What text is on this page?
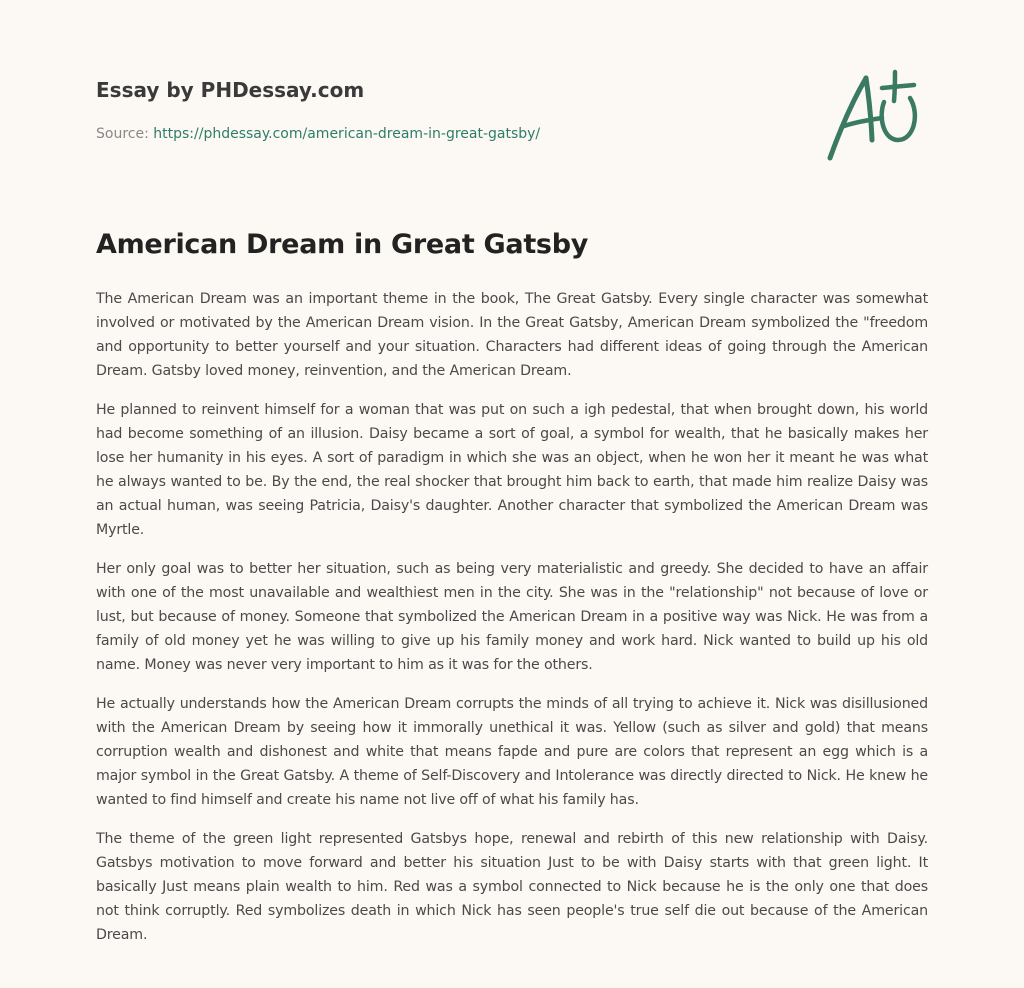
Essay by PHDessay.com
Source: https://phdessay.com/american-dream-in-great-gatsby/
American Dream in Great Gatsby

The American Dream was an important theme in the book, The Great Gatsby. Every single character was somewhat involved or motivated by the American Dream vision. In the Great Gatsby, American Dream symbolized the "freedom and opportunity to better yourself and your situation. Characters had different ideas of going through the American Dream. Gatsby loved money, reinvention, and the American Dream.

He planned to reinvent himself for a woman that was put on such a igh pedestal, that when brought down, his world had become something of an illusion. Daisy became a sort of goal, a symbol for wealth, that he basically makes her lose her humanity in his eyes. A sort of paradigm in which she was an object, when he won her it meant he was what he always wanted to be. By the end, the real shocker that brought him back to earth, that made him realize Daisy was an actual human, was seeing Patricia, Daisy's daughter. Another character that symbolized the American Dream was Myrtle.

Her only goal was to better her situation, such as being very materialistic and greedy. She decided to have an affair with one of the most unavailable and wealthiest men in the city. She was in the "relationship" not because of love or lust, but because of money. Someone that symbolized the American Dream in a positive way was Nick. He was from a family of old money yet he was willing to give up his family money and work hard. Nick wanted to build up his old name. Money was never very important to him as it was for the others.

He actually understands how the American Dream corrupts the minds of all trying to achieve it. Nick was disillusioned with the American Dream by seeing how it immorally unethical it was. Yellow (such as silver and gold) that means corruption wealth and dishonest and white that means fapde and pure are colors that represent an egg which is a major symbol in the Great Gatsby. A theme of Self-Discovery and Intolerance was directly directed to Nick. He knew he wanted to find himself and create his name not live off of what his family has.

The theme of the green light represented Gatsbys hope, renewal and rebirth of this new relationship with Daisy. Gatsbys motivation to move forward and better his situation Just to be with Daisy starts with that green light. It basically Just means plain wealth to him. Red was a symbol connected to Nick because he is the only one that does not think corruptly. Red symbolizes death in which Nick has seen people's true self die out because of the American Dream.
